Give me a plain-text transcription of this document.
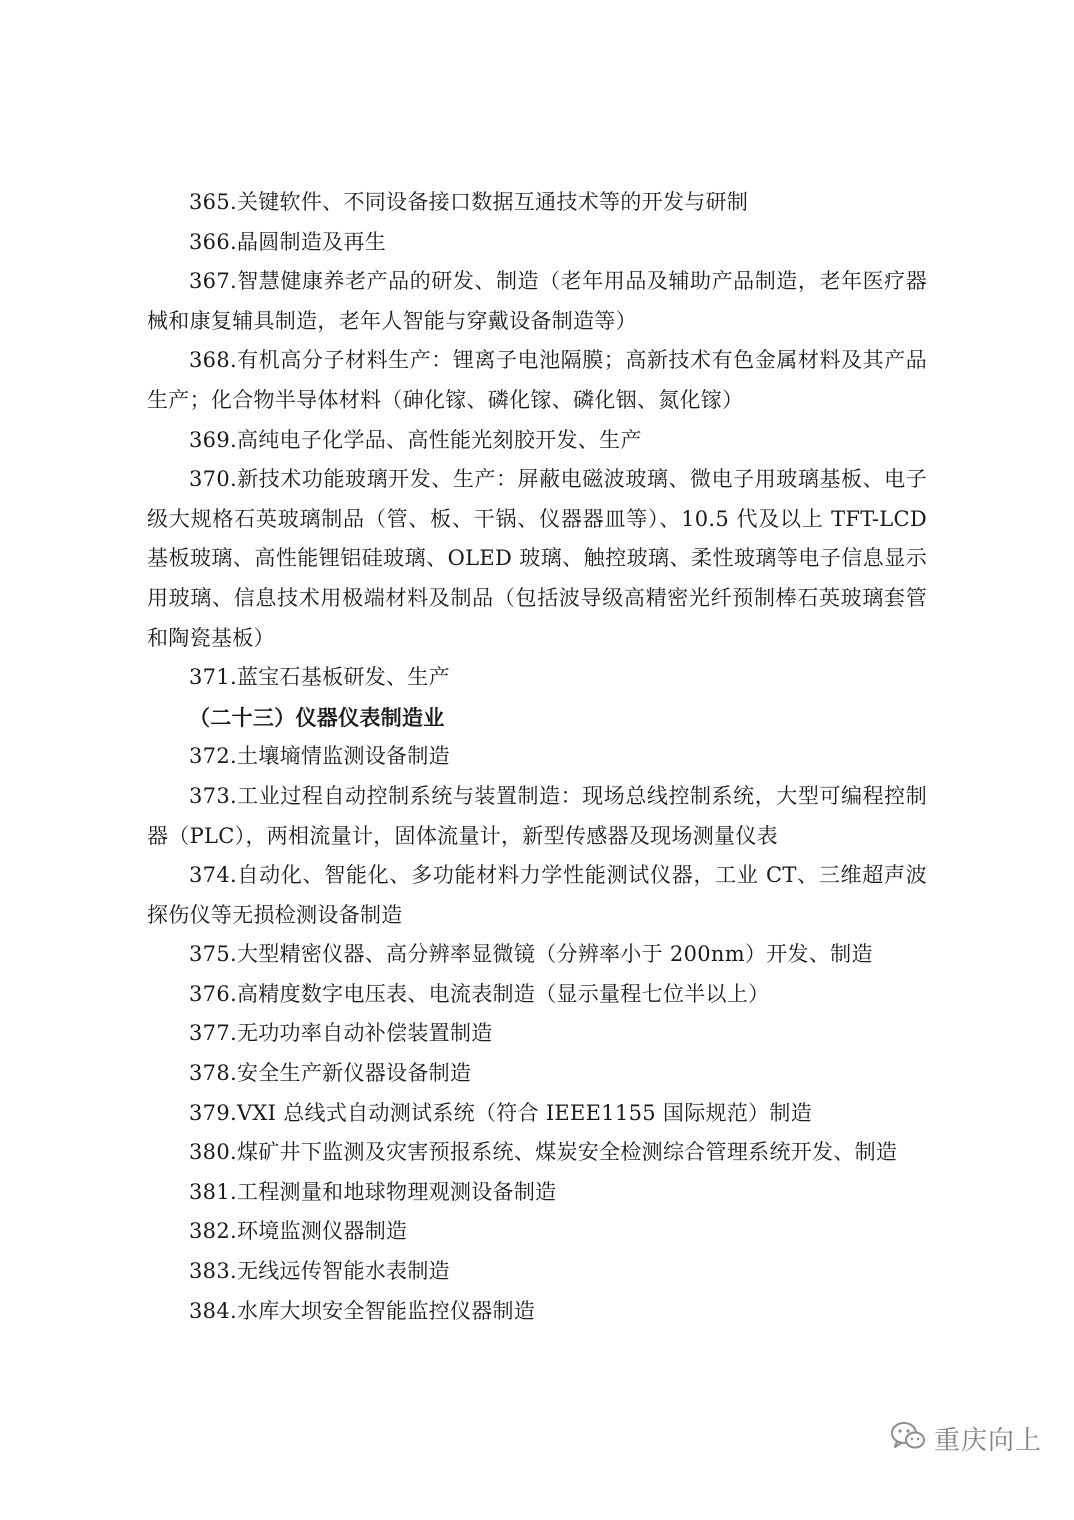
365.关键软件、不同设备接口数据互通技术等的开发与研制

366.晶圆制造及再生

367.智慧健康养老产品的研发、制造（老年用品及辅助产品制造，老年医疗器械和康复辅具制造，老年人智能与穿戴设备制造等）

368.有机高分子材料生产：锂离子电池隔膜；高新技术有色金属材料及其产品生产；化合物半导体材料（砷化镓、磷化镓、磷化铟、氮化镓）

369.高纯电子化学品、高性能光刻胶开发、生产

370.新技术功能玻璃开发、生产：屏蔽电磁波玻璃、微电子用玻璃基板、电子级大规格石英玻璃制品（管、板、干锅、仪器器皿等）、10.5 代及以上 TFT-LCD 基板玻璃、高性能锂铝硅玻璃、OLED 玻璃、触控玻璃、柔性玻璃等电子信息显示用玻璃、信息技术用极端材料及制品（包括波导级高精密光纤预制棒石英玻璃套管和陶瓷基板）

371.蓝宝石基板研发、生产

（二十三）仪器仪表制造业

372.土壤墒情监测设备制造

373.工业过程自动控制系统与装置制造：现场总线控制系统，大型可编程控制器（PLC），两相流量计，固体流量计，新型传感器及现场测量仪表

374.自动化、智能化、多功能材料力学性能测试仪器，工业 CT、三维超声波探伤仪等无损检测设备制造

375.大型精密仪器、高分辨率显微镜（分辨率小于 200nm）开发、制造

376.高精度数字电压表、电流表制造（显示量程七位半以上）

377.无功功率自动补偿装置制造

378.安全生产新仪器设备制造

379.VXI 总线式自动测试系统（符合 IEEE1155 国际规范）制造

380.煤矿井下监测及灾害预报系统、煤炭安全检测综合管理系统开发、制造

381.工程测量和地球物理观测设备制造

382.环境监测仪器制造

383.无线远传智能水表制造

384.水库大坝安全智能监控仪器制造

重庆向上
